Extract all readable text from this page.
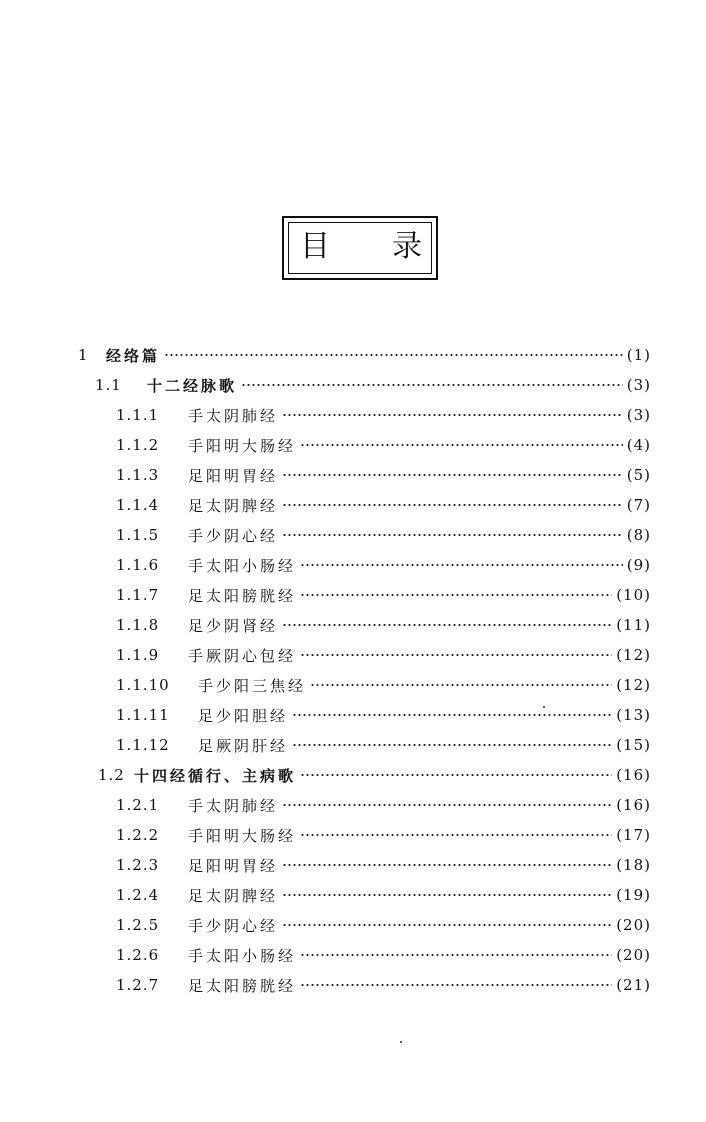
目 录
1	经络篇	(1)
1.1	十二经脉歌	(3)
1.1.1	手太阴肺经	(3)
1.1.2	手阳明大肠经	(4)
1.1.3	足阳明胃经	(5)
1.1.4	足太阴脾经	(7)
1.1.5	手少阴心经	(8)
1.1.6	手太阳小肠经	(9)
1.1.7	足太阳膀胱经	(10)
1.1.8	足少阴肾经	(11)
1.1.9	手厥阴心包经	(12)
1.1.10	手少阳三焦经	(12)
1.1.11	足少阳胆经	(13)
1.1.12	足厥阴肝经	(15)
1.2 十四经循行、主病歌	(16)
1.2.1	手太阴肺经	(16)
1.2.2	手阳明大肠经	(17)
1.2.3	足阳明胃经	(18)
1.2.4	足太阴脾经	(19)
1.2.5	手少阴心经	(20)
1.2.6	手太阳小肠经	(20)
1.2.7	足太阳膀胱经	(21)
